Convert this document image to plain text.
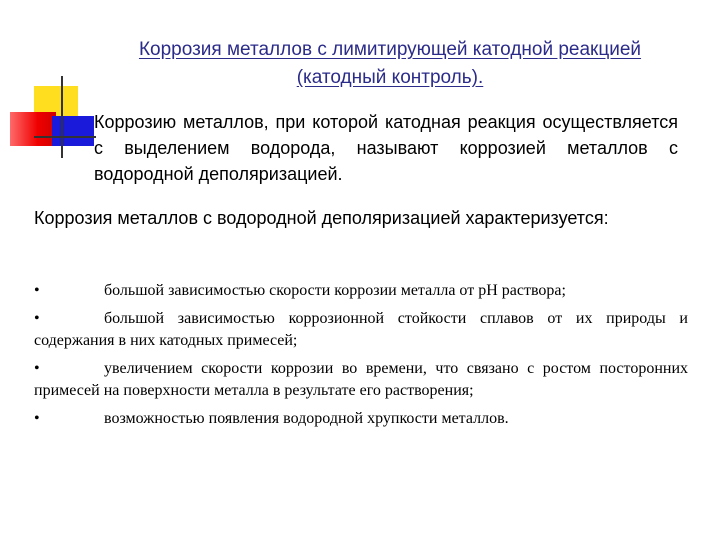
Коррозия металлов с лимитирующей катодной реакцией (катодный контроль).
Коррозию металлов, при которой катодная реакция осуществляется с выделением водорода, называют коррозией металлов с водородной деполяризацией.
Коррозия металлов с водородной деполяризацией характеризуется:
•	большой зависимостью скорости коррозии металла от pH раствора;
•	большой зависимостью коррозионной стойкости сплавов от их природы и содержания в них катодных примесей;
•	увеличением скорости коррозии во времени, что связано с ростом посторонних примесей на поверхности металла в результате его растворения;
•	возможностью появления водородной хрупкости металлов.
